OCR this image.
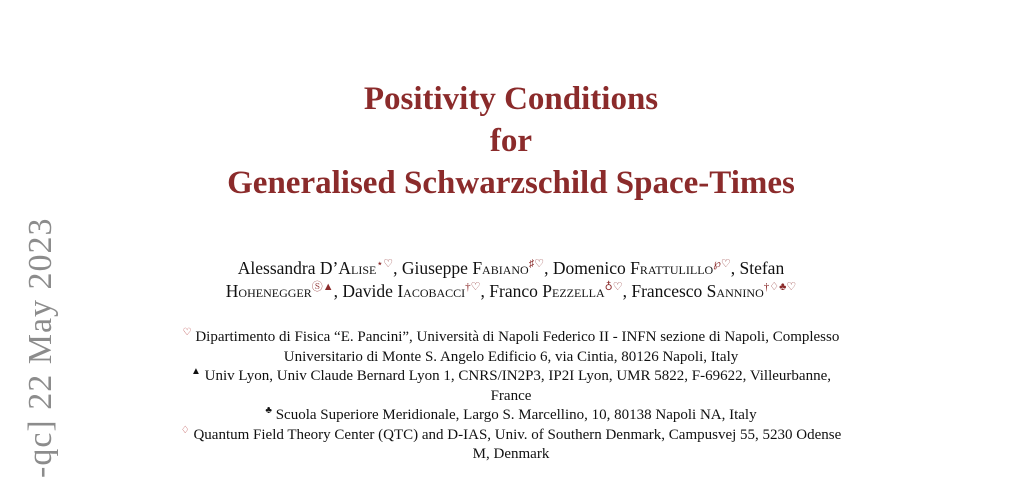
-qc] 22 May 2023
Positivity Conditions
for
Generalised Schwarzschild Space-Times
Alessandra D’Alise⋆♡, Giuseppe Fabiano♯♡, Domenico Frattulillo℘♡, Stefan
HoheneggerⓈ▲, Davide Iacobacci†♡, Franco Pezzella♁♡, Francesco Sannino†♢♣♡
♡ Dipartimento di Fisica “E. Pancini”, Università di Napoli Federico II - INFN sezione di Napoli, Complesso
Universitario di Monte S. Angelo Edificio 6, via Cintia, 80126 Napoli, Italy
▲ Univ Lyon, Univ Claude Bernard Lyon 1, CNRS/IN2P3, IP2I Lyon, UMR 5822, F-69622, Villeurbanne,
France
♣ Scuola Superiore Meridionale, Largo S. Marcellino, 10, 80138 Napoli NA, Italy
♢ Quantum Field Theory Center (QTC) and D-IAS, Univ. of Southern Denmark, Campusvej 55, 5230 Odense
M, Denmark
